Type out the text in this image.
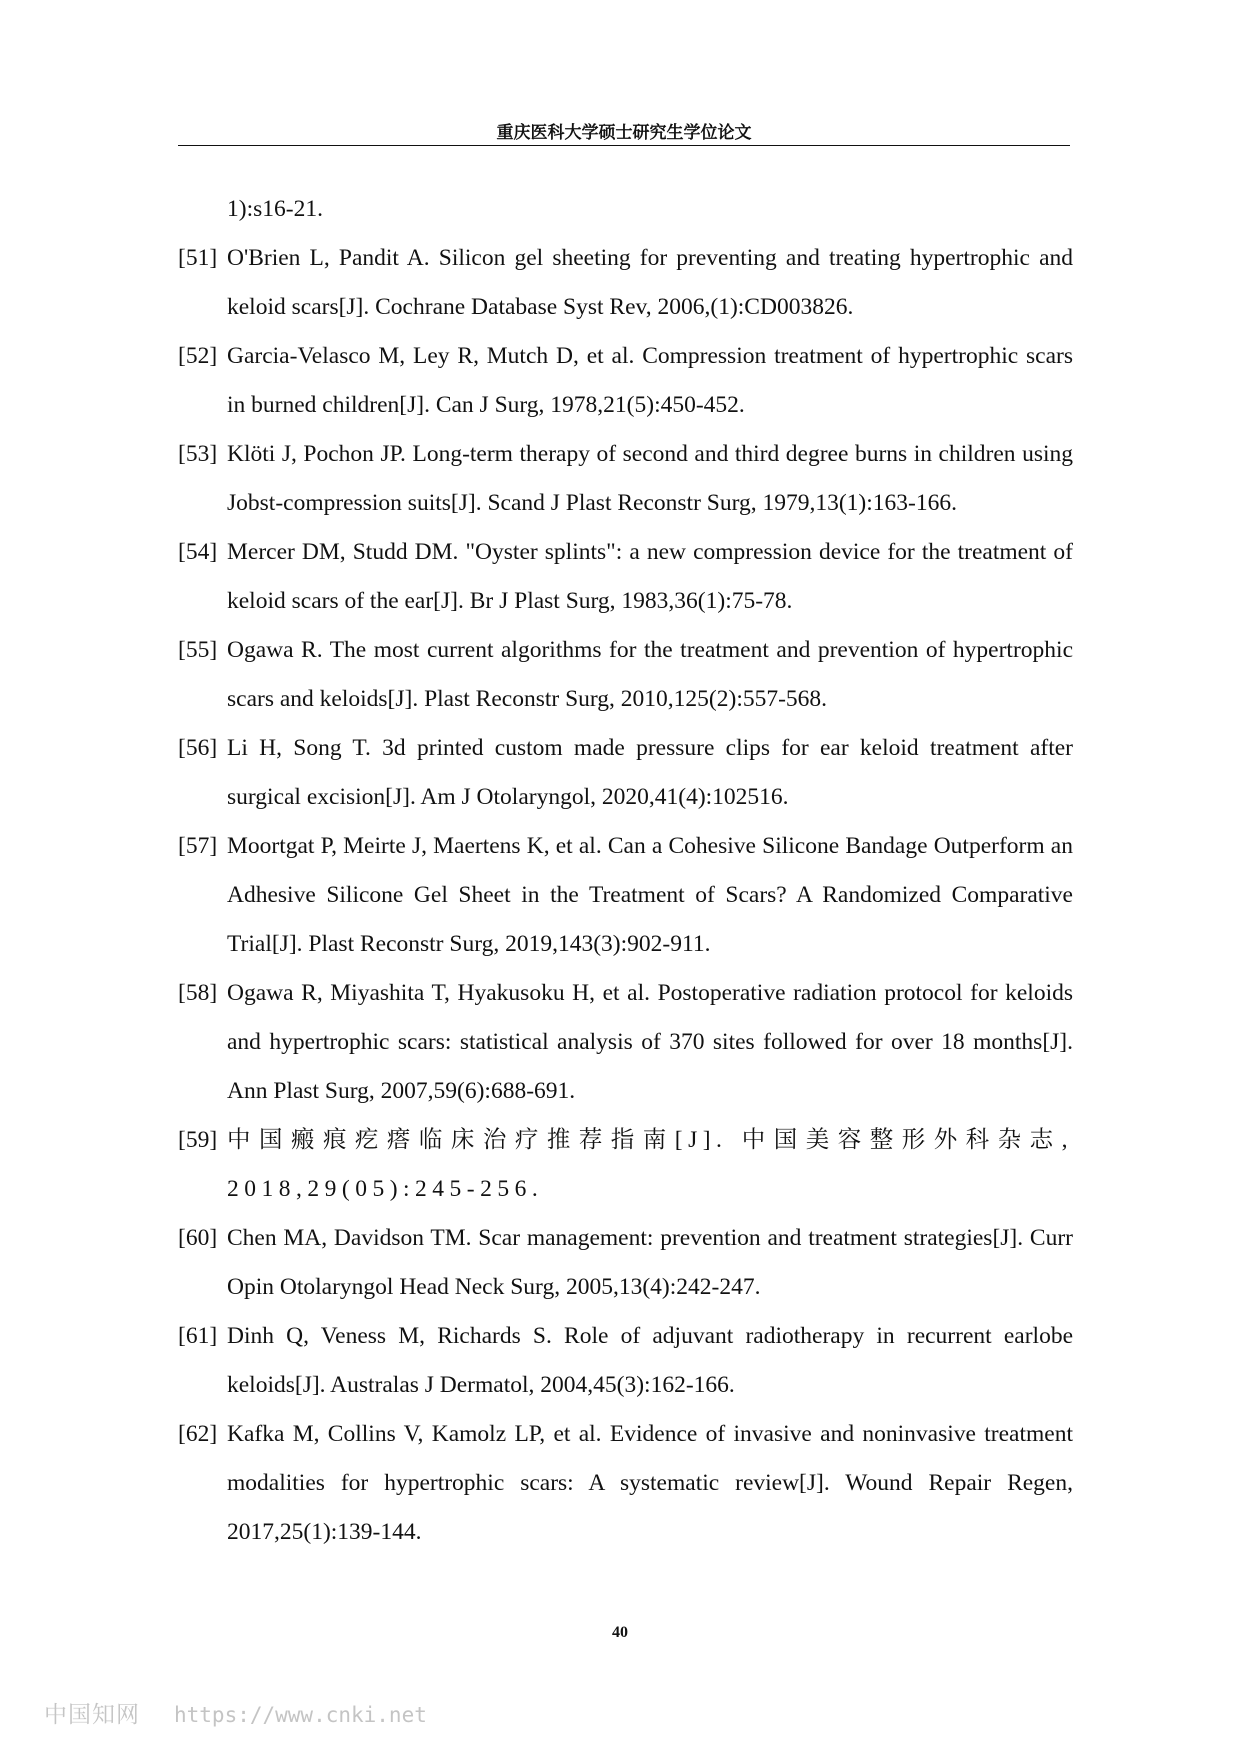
重庆医科大学硕士研究生学位论文
1):s16-21.
[51] O'Brien L, Pandit A. Silicon gel sheeting for preventing and treating hypertrophic and keloid scars[J]. Cochrane Database Syst Rev, 2006,(1):CD003826.
[52] Garcia-Velasco M, Ley R, Mutch D, et al. Compression treatment of hypertrophic scars in burned children[J]. Can J Surg, 1978,21(5):450-452.
[53] Klöti J, Pochon JP. Long-term therapy of second and third degree burns in children using Jobst-compression suits[J]. Scand J Plast Reconstr Surg, 1979,13(1):163-166.
[54] Mercer DM, Studd DM. "Oyster splints": a new compression device for the treatment of keloid scars of the ear[J]. Br J Plast Surg, 1983,36(1):75-78.
[55] Ogawa R. The most current algorithms for the treatment and prevention of hypertrophic scars and keloids[J]. Plast Reconstr Surg, 2010,125(2):557-568.
[56] Li H, Song T. 3d printed custom made pressure clips for ear keloid treatment after surgical excision[J]. Am J Otolaryngol, 2020,41(4):102516.
[57] Moortgat P, Meirte J, Maertens K, et al. Can a Cohesive Silicone Bandage Outperform an Adhesive Silicone Gel Sheet in the Treatment of Scars? A Randomized Comparative Trial[J]. Plast Reconstr Surg, 2019,143(3):902-911.
[58] Ogawa R, Miyashita T, Hyakusoku H, et al. Postoperative radiation protocol for keloids and hypertrophic scars: statistical analysis of 370 sites followed for over 18 months[J]. Ann Plast Surg, 2007,59(6):688-691.
[59] 中国瘢痕疙瘩临床治疗推荐指南[J]. 中国美容整形外科杂志, 2018,29(05):245-256.
[60] Chen MA, Davidson TM. Scar management: prevention and treatment strategies[J]. Curr Opin Otolaryngol Head Neck Surg, 2005,13(4):242-247.
[61] Dinh Q, Veness M, Richards S. Role of adjuvant radiotherapy in recurrent earlobe keloids[J]. Australas J Dermatol, 2004,45(3):162-166.
[62] Kafka M, Collins V, Kamolz LP, et al. Evidence of invasive and noninvasive treatment modalities for hypertrophic scars: A systematic review[J]. Wound Repair Regen, 2017,25(1):139-144.
40
中国知网 https://www.cnki.net
